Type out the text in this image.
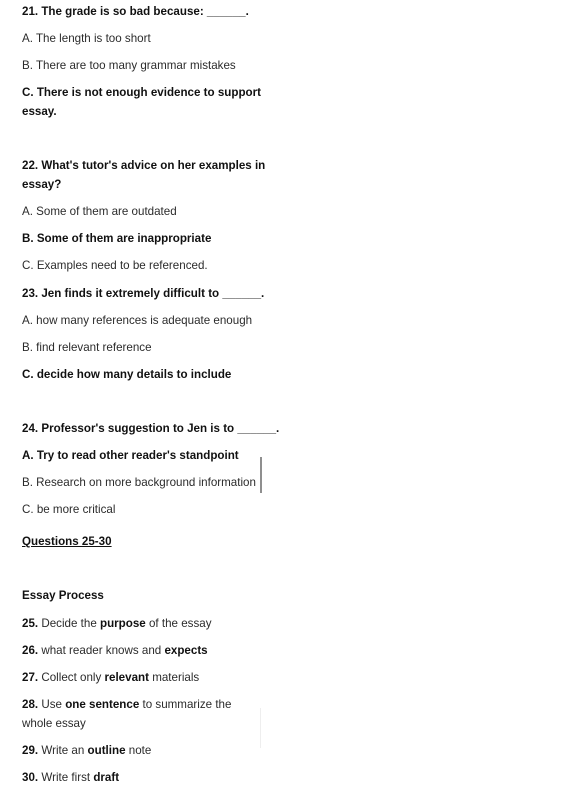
21. The grade is so bad because: ______.
A. The length is too short
B. There are too many grammar mistakes
C. There is not enough evidence to support
essay.
22. What's tutor's advice on her examples in
essay?
A. Some of them are outdated
B. Some of them are inappropriate
C. Examples need to be referenced.
23. Jen finds it extremely difficult to ______.
A. how many references is adequate enough
B. find relevant reference
C. decide how many details to include
24. Professor's suggestion to Jen is to ______.
A. Try to read other reader's standpoint
B. Research on more background information
C. be more critical
Questions 25-30
Essay Process
25. Decide the purpose of the essay
26. what reader knows and expects
27. Collect only relevant materials
28. Use one sentence to summarize the
whole essay
29. Write an outline note
30. Write first draft
